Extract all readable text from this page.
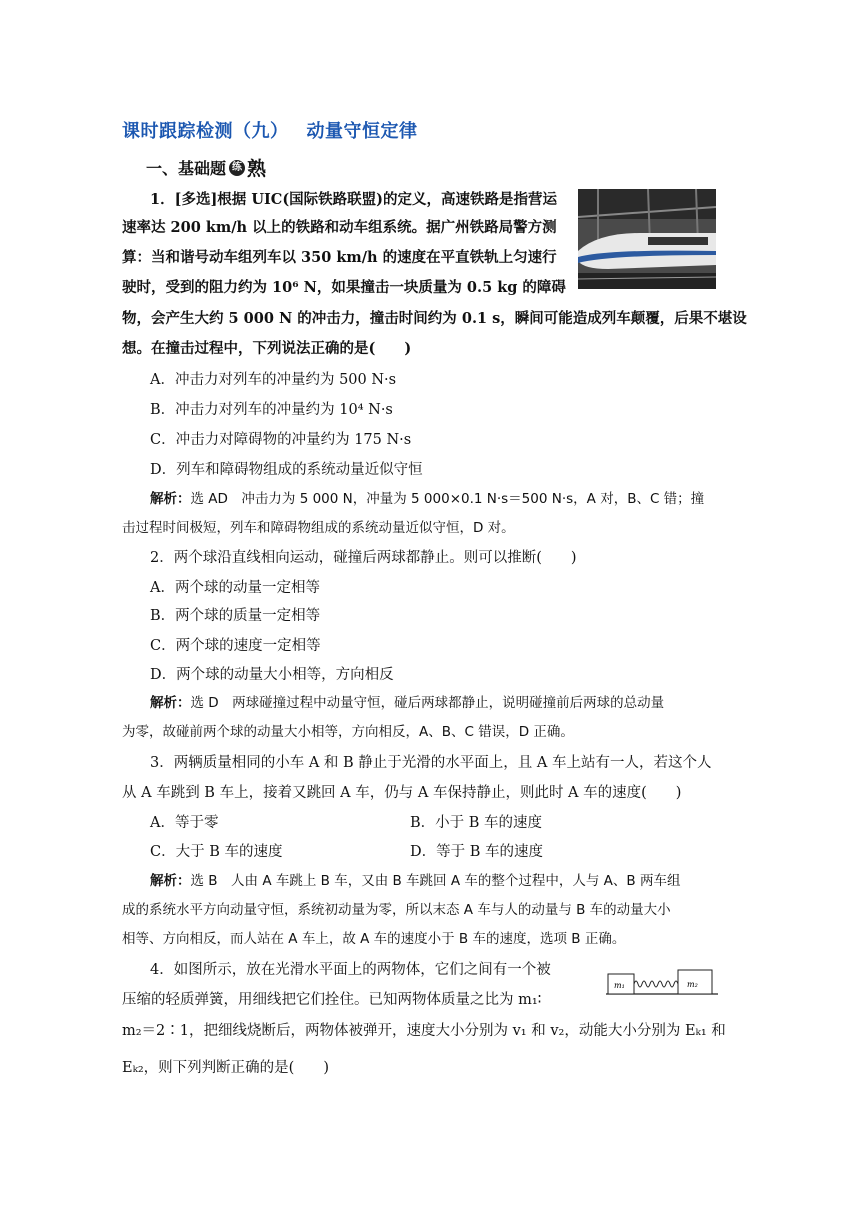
课时跟踪检测（九） 动量守恒定律
一、基础题 练 熟
1．[多选]根据 UIC(国际铁路联盟)的定义，高速铁路是指营运
速率达 200 km/h 以上的铁路和动车组系统。据广州铁路局警方测
算：当和谐号动车组列车以 350 km/h 的速度在平直铁轨上匀速行
驶时，受到的阻力约为 10⁶ N，如果撞击一块质量为 0.5 kg 的障碍
物，会产生大约 5 000 N 的冲击力，撞击时间约为 0.1 s，瞬间可能造成列车颠覆，后果不堪设
想。在撞击过程中，下列说法正确的是(　　)
A．冲击力对列车的冲量约为 500 N·s
B．冲击力对列车的冲量约为 10⁴ N·s
C．冲击力对障碍物的冲量约为 175 N·s
D．列车和障碍物组成的系统动量近似守恒
解析：选 AD　冲击力为 5 000 N，冲量为 5 000×0.1 N·s＝500 N·s，A 对，B、C 错；撞
击过程时间极短，列车和障碍物组成的系统动量近似守恒，D 对。
2．两个球沿直线相向运动，碰撞后两球都静止。则可以推断(　　)
A．两个球的动量一定相等
B．两个球的质量一定相等
C．两个球的速度一定相等
D．两个球的动量大小相等，方向相反
解析：选 D　两球碰撞过程中动量守恒，碰后两球都静止，说明碰撞前后两球的总动量
为零，故碰前两个球的动量大小相等，方向相反，A、B、C 错误，D 正确。
3．两辆质量相同的小车 A 和 B 静止于光滑的水平面上，且 A 车上站有一人，若这个人
从 A 车跳到 B 车上，接着又跳回 A 车，仍与 A 车保持静止，则此时 A 车的速度(　　)
A．等于零	B．小于 B 车的速度
C．大于 B 车的速度	D．等于 B 车的速度
解析：选 B　人由 A 车跳上 B 车，又由 B 车跳回 A 车的整个过程中，人与 A、B 两车组
成的系统水平方向动量守恒，系统初动量为零，所以末态 A 车与人的动量与 B 车的动量大小
相等、方向相反，而人站在 A 车上，故 A 车的速度小于 B 车的速度，选项 B 正确。
4．如图所示，放在光滑水平面上的两物体，它们之间有一个被
压缩的轻质弹簧，用细线把它们拴住。已知两物体质量之比为 m₁∶
m₂＝2∶1，把细线烧断后，两物体被弹开，速度大小分别为 v₁ 和 v₂，动能大小分别为 Eₖ₁ 和
Eₖ₂，则下列判断正确的是(　　)
m₁	m₂
